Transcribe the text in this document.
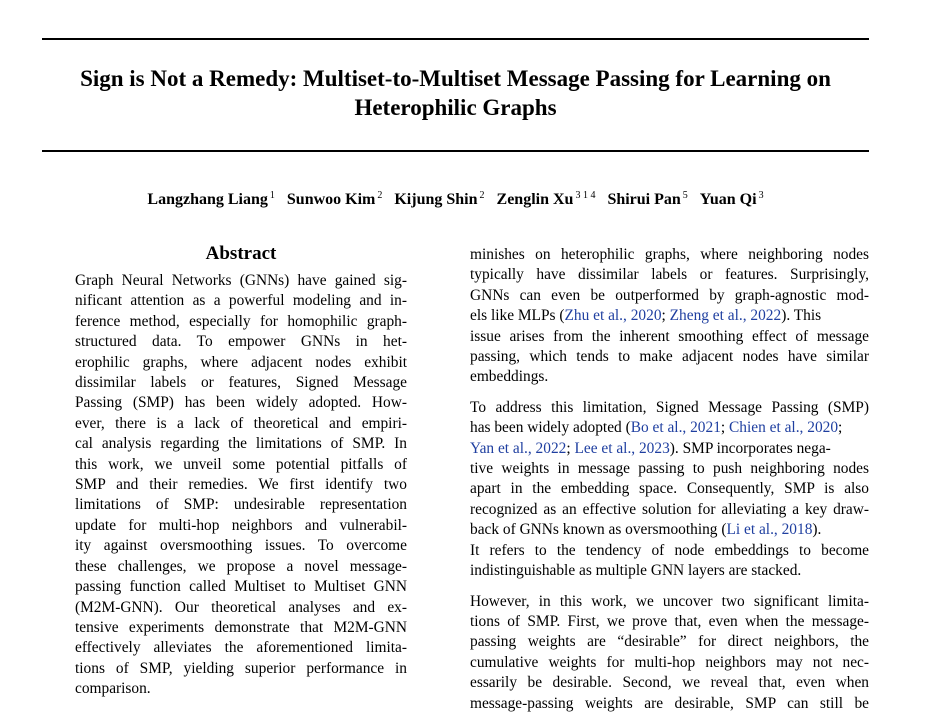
Sign is Not a Remedy: Multiset-to-Multiset Message Passing for Learning on
Heterophilic Graphs
Langzhang Liang $^1$ Sunwoo Kim $^2$ Kijung Shin $^2$ Zenglin Xu $^{3 1 4}$ Shirui Pan $^5$ Yuan Qi $^3$
Abstract
Graph Neural Networks (GNNs) have gained sig-
nificant attention as a powerful modeling and in-
ference method, especially for homophilic graph-
structured data. To empower GNNs in het-
erophilic graphs, where adjacent nodes exhibit
dissimilar labels or features, Signed Message
Passing (SMP) has been widely adopted. How-
ever, there is a lack of theoretical and empiri-
cal analysis regarding the limitations of SMP. In
this work, we unveil some potential pitfalls of
SMP and their remedies. We first identify two
limitations of SMP: undesirable representation
update for multi-hop neighbors and vulnerabil-
ity against oversmoothing issues. To overcome
these challenges, we propose a novel message-
passing function called Multiset to Multiset GNN
(M2M-GNN). Our theoretical analyses and ex-
tensive experiments demonstrate that M2M-GNN
effectively alleviates the aforementioned limita-
tions of SMP, yielding superior performance in
comparison.
minishes on heterophilic graphs, where neighboring nodes
typically have dissimilar labels or features. Surprisingly,
GNNs can even be outperformed by graph-agnostic mod-
els like MLPs (Zhu et al., 2020; Zheng et al., 2022). This
issue arises from the inherent smoothing effect of message
passing, which tends to make adjacent nodes have similar
embeddings.
To address this limitation, Signed Message Passing (SMP)
has been widely adopted (Bo et al., 2021; Chien et al., 2020;
Yan et al., 2022; Lee et al., 2023). SMP incorporates nega-
tive weights in message passing to push neighboring nodes
apart in the embedding space. Consequently, SMP is also
recognized as an effective solution for alleviating a key draw-
back of GNNs known as oversmoothing (Li et al., 2018).
It refers to the tendency of node embeddings to become
indistinguishable as multiple GNN layers are stacked.
However, in this work, we uncover two significant limita-
tions of SMP. First, we prove that, even when the message-
passing weights are “desirable” for direct neighbors, the
cumulative weights for multi-hop neighbors may not nec-
essarily be desirable. Second, we reveal that, even when
message-passing weights are desirable, SMP can still be
